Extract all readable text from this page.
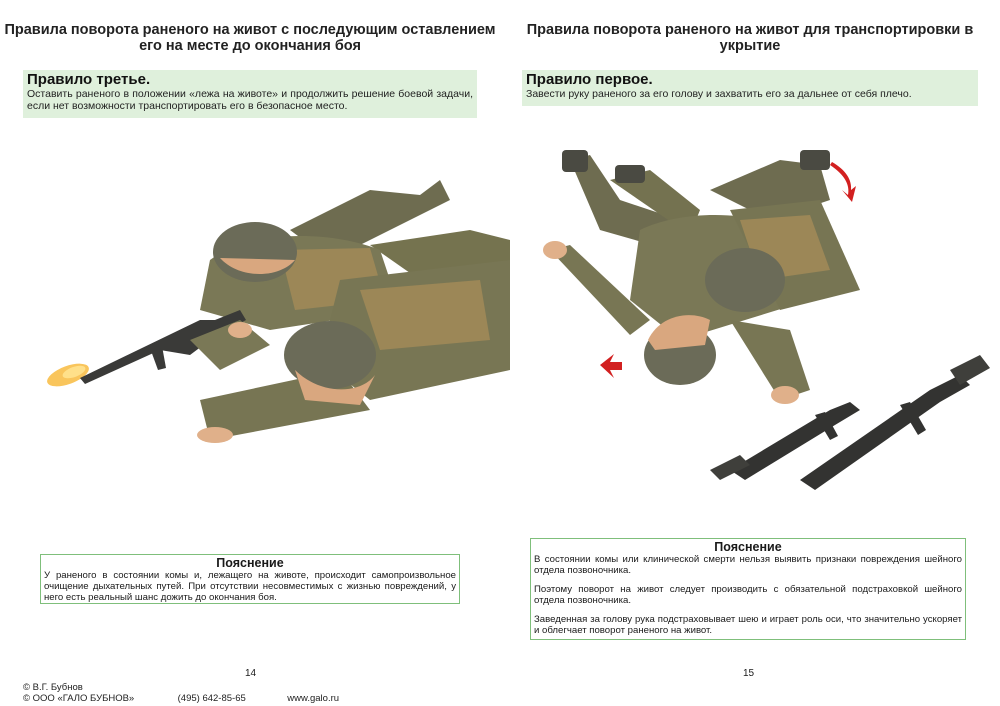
Правила поворота раненого на живот с последующим оставлением его на месте до окончания боя
Правило третье.
Оставить раненого в положении «лежа на животе» и продолжить решение боевой задачи, если нет возможности транспортировать его в безопасное место.
Пояснение

У раненого в состоянии комы и, лежащего на животе, происходит самопроизвольное очищение дыхательных путей. При отсутствии несовместимых с жизнью повреждений, у него есть реальный шанс дожить до окончания боя.

14
Правила поворота раненого на живот для транспортировки в укрытие
Правило первое.
Завести руку раненого за его голову и захватить его за дальнее от себя плечо.
Пояснение

В состоянии комы или клинической смерти нельзя выявить признаки повреждения шейного отдела позвоночника.

Поэтому поворот на живот следует производить с обязательной подстраховкой шейного отдела позвоночника.

Заведенная за голову рука подстраховывает шею и играет роль оси, что значительно ускоряет и облегчает поворот раненого на живот.

15
© В.Г. Бубнов
© ООО «ГАЛО БУБНОВ»	(495) 642-85-65	www.galo.ru
